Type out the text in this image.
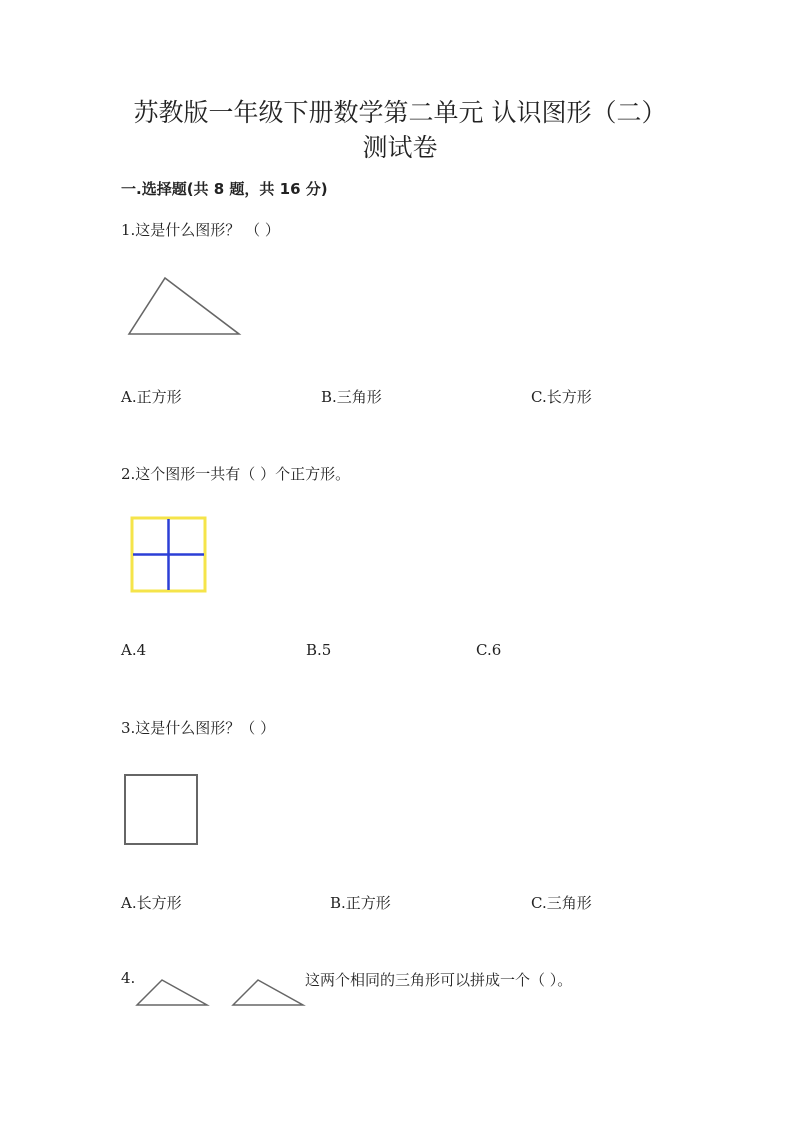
苏教版一年级下册数学第二单元 认识图形（二）
测试卷
一.选择题(共 8 题，共 16 分)
1.这是什么图形？ （ ）
A.正方形	B.三角形	C.长方形
2.这个图形一共有（ ）个正方形。
A.4	B.5	C.6
3.这是什么图形？（ ）
A.长方形	B.正方形	C.三角形
4.	这两个相同的三角形可以拼成一个（ ）。
